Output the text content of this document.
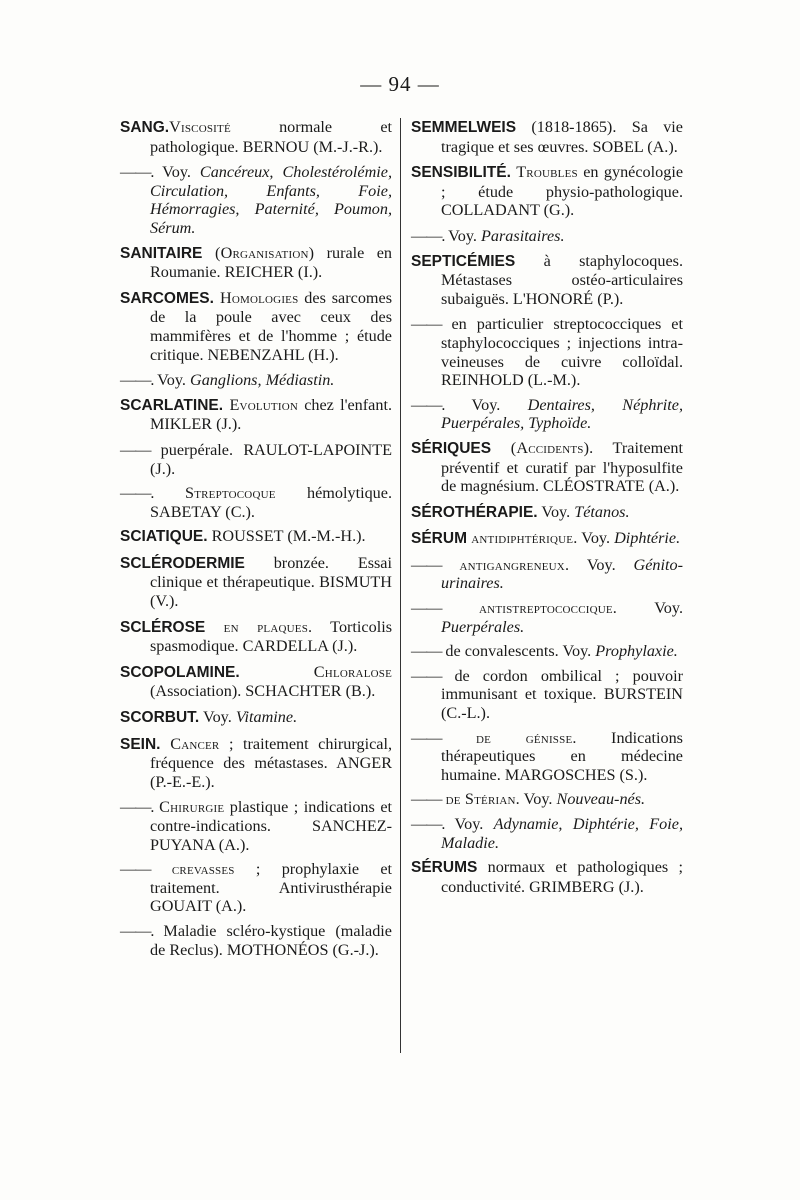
— 94 —
SANG.Viscosité normale et pathologique. BERNOU (M.-J.-R.).
——. Voy. Cancéreux, Cholestérolémie, Circulation, Enfants, Foie, Hémorragies, Paternité, Poumon, Sérum.
SANITAIRE (Organisation) rurale en Roumanie. REICHER (I.).
SARCOMES. Homologies des sarcomes de la poule avec ceux des mammifères et de l'homme ; étude critique. NEBENZAHL (H.).
——. Voy. Ganglions, Médiastin.
SCARLATINE. Evolution chez l'enfant. MIKLER (J.).
—— puerpérale. RAULOT-LAPOINTE (J.).
——. Streptocoque hémolytique. SABETAY (C.).
SCIATIQUE. ROUSSET (M.-M.-H.).
SCLÉRODERMIE bronzée. Essai clinique et thérapeutique. BISMUTH (V.).
SCLÉROSE en plaques. Torticolis spasmodique. CARDELLA (J.).
SCOPOLAMINE. Chloralose (Association). SCHACHTER (B.).
SCORBUT. Voy. Vitamine.
SEIN. Cancer ; traitement chirurgical, fréquence des métastases. ANGER (P.-E.-E.).
——. Chirurgie plastique ; indications et contre-indications. SANCHEZ-PUYANA (A.).
—— crevasses ; prophylaxie et traitement. Antivirusthérapie GOUAIT (A.).
——. Maladie scléro-kystique (maladie de Reclus). MOTHONÉOS (G.-J.).
SEMMELWEIS (1818-1865). Sa vie tragique et ses œuvres. SOBEL (A.).
SENSIBILITÉ. Troubles en gynécologie ; étude physio-pathologique. COLLADANT (G.).
——. Voy. Parasitaires.
SEPTICÉMIES à staphylocoques. Métastases ostéo-articulaires subaiguës. L'HONORÉ (P.).
—— en particulier streptococciques et staphylococciques ; injections intra-veineuses de cuivre colloïdal. REINHOLD (L.-M.).
——. Voy. Dentaires, Néphrite, Puerpérales, Typhoïde.
SÉRIQUES (Accidents). Traitement préventif et curatif par l'hyposulfite de magnésium. CLÉOSTRATE (A.).
SÉROTHÉRAPIE. Voy. Tétanos.
SÉRUM antidiphtérique. Voy. Diphtérie.
—— antigangreneux. Voy. Génito-urinaires.
—— antistreptococcique. Voy. Puerpérales.
—— de convalescents. Voy. Prophylaxie.
—— de cordon ombilical ; pouvoir immunisant et toxique. BURSTEIN (C.-L.).
—— de génisse. Indications thérapeutiques en médecine humaine. MARGOSCHES (S.).
—— de Stérian. Voy. Nouveau-nés.
——. Voy. Adynamie, Diphtérie, Foie, Maladie.
SÉRUMS normaux et pathologiques ; conductivité. GRIMBERG (J.).
